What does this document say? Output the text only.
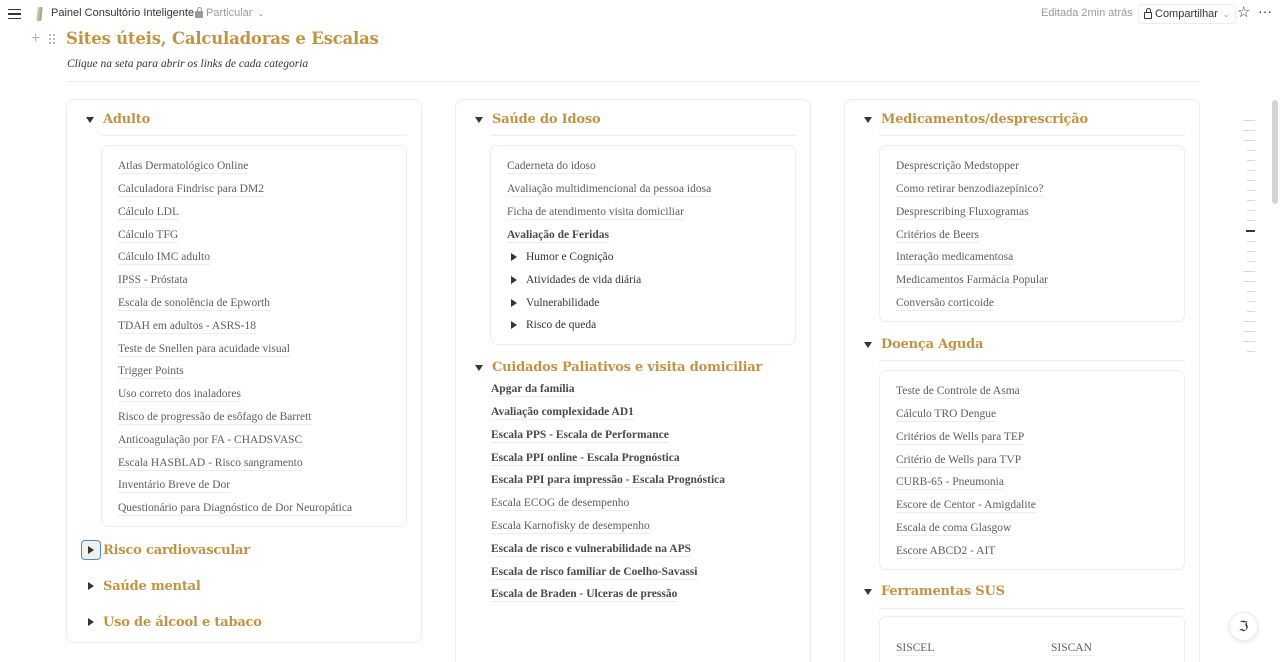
Painel Consultório Inteligente Particular ⌄	Editada 2min atrás Compartilhar ⌄ ☆ ···
+ Sites úteis, Calculadoras e Escalas
Clique na seta para abrir os links de cada categoria
Adulto
Atlas Dermatológico Online
Calculadora Findrisc para DM2
Cálculo LDL
Cálculo TFG
Cálculo IMC adulto
IPSS - Próstata
Escala de sonolência de Epworth
TDAH em adultos - ASRS-18
Teste de Snellen para acuidade visual
Trigger Points
Uso correto dos inaladores
Risco de progressão de esôfago de Barrett
Anticoagulação por FA - CHADSVASC
Escala HASBLAD - Risco sangramento
Inventário Breve de Dor
Questionário para Diagnóstico de Dor Neuropática
Risco cardiovascular
Saúde mental
Uso de álcool e tabaco
Saúde do Idoso
Caderneta do idoso
Avaliação multidimencional da pessoa idosa
Ficha de atendimento visita domiciliar
Avaliação de Feridas
Humor e Cognição
Atividades de vida diária
Vulnerabilidade
Risco de queda
Cuidados Paliativos e visita domiciliar
Apgar da família
Avaliação complexidade AD1
Escala PPS - Escala de Performance
Escala PPI online - Escala Prognóstica
Escala PPI para impressão - Escala Prognóstica
Escala ECOG de desempenho
Escala Karnofisky de desempenho
Escala de risco e vulnerabilidade na APS
Escala de risco familiar de Coelho-Savassi
Escala de Braden - Ulceras de pressão
Medicamentos/desprescrição
Desprescrição Medstopper
Como retirar benzodiazepínico?
Desprescribing Fluxogramas
Critérios de Beers
Interação medicamentosa
Medicamentos Farmácia Popular
Conversão corticoide
Doença Aguda
Teste de Controle de Asma
Cálculo TRO Dengue
Critérios de Wells para TEP
Critério de Wells para TVP
CURB-65 - Pneumonia
Escore de Centor - Amigdalite
Escala de coma Glasgow
Escore ABCD2 - AIT
Ferramentas SUS
SISCEL	SISCAN
ℑ
